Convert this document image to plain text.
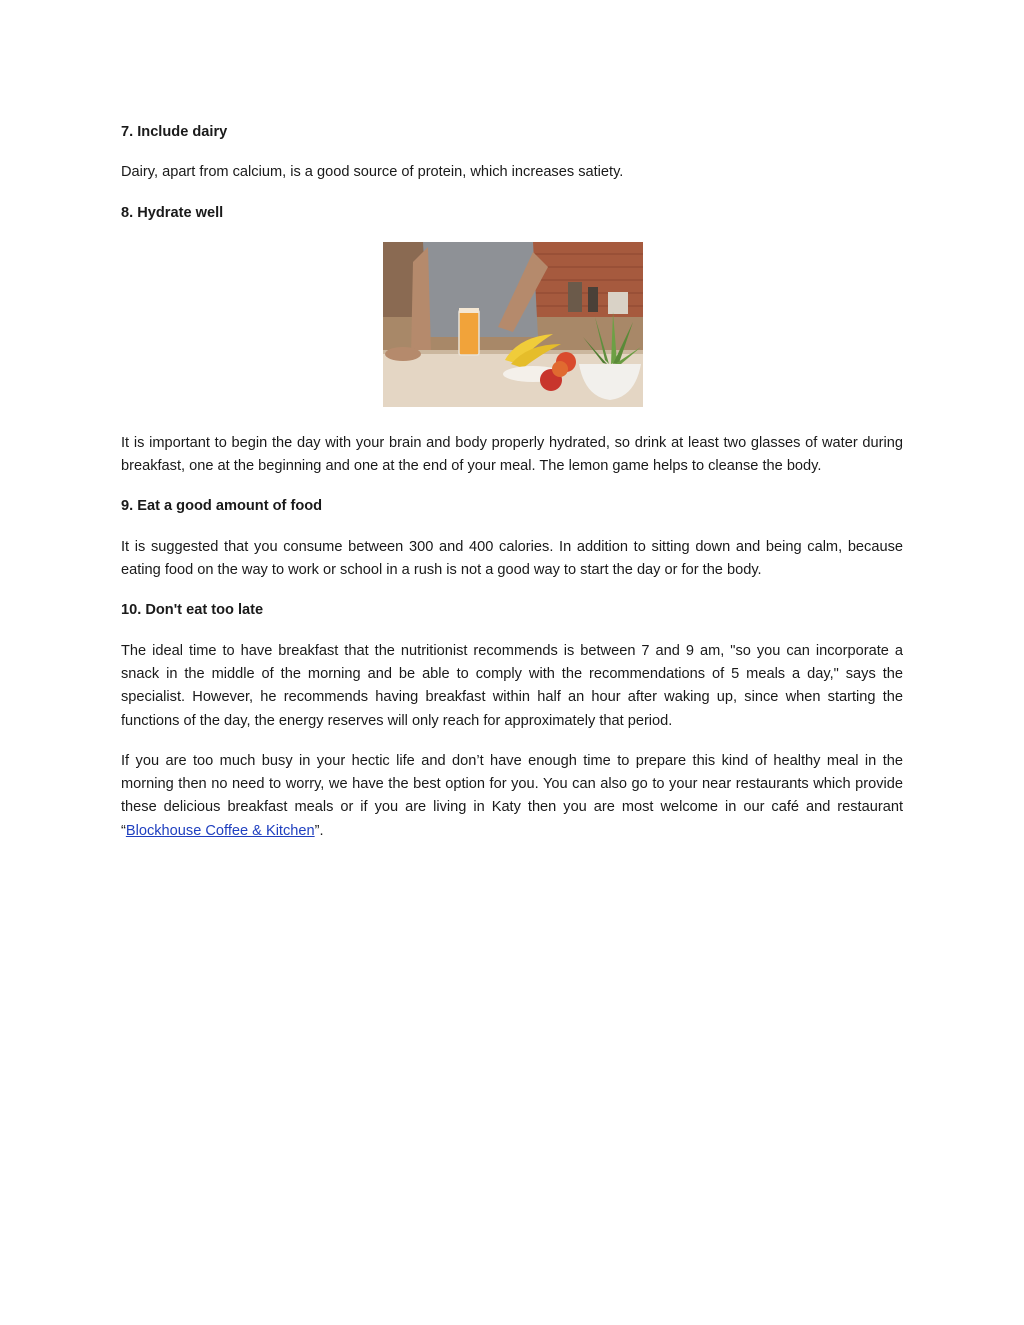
7. Include dairy

Dairy, apart from calcium, is a good source of protein, which increases satiety.

8. Hydrate well

It is important to begin the day with your brain and body properly hydrated, so drink at least two glasses of water during breakfast, one at the beginning and one at the end of your meal. The lemon game helps to cleanse the body.

9. Eat a good amount of food

It is suggested that you consume between 300 and 400 calories. In addition to sitting down and being calm, because eating food on the way to work or school in a rush is not a good way to start the day or for the body.

10. Don't eat too late

The ideal time to have breakfast that the nutritionist recommends is between 7 and 9 am, "so you can incorporate a snack in the middle of the morning and be able to comply with the recommendations of 5 meals a day," says the specialist. However, he recommends having breakfast within half an hour after waking up, since when starting the functions of the day, the energy reserves will only reach for approximately that period.

If you are too much busy in your hectic life and don’t have enough time to prepare this kind of healthy meal in the morning then no need to worry, we have the best option for you. You can also go to your near restaurants which provide these delicious breakfast meals or if you are living in Katy then you are most welcome in our café and restaurant “Blockhouse Coffee & Kitchen”.
